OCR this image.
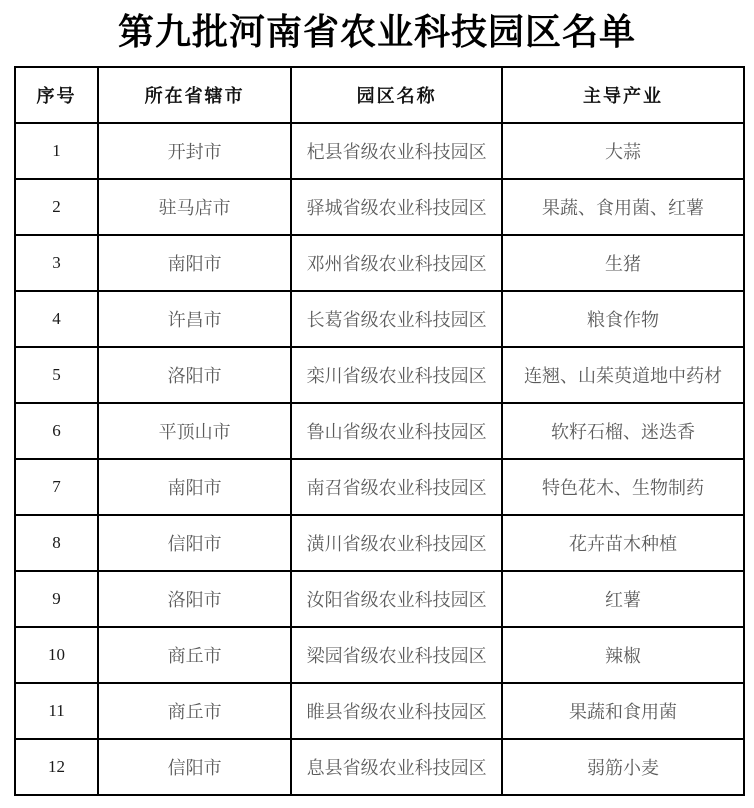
第九批河南省农业科技园区名单
序号	所在省辖市	园区名称	主导产业
1	开封市	杞县省级农业科技园区	大蒜
2	驻马店市	驿城省级农业科技园区	果蔬、食用菌、红薯
3	南阳市	邓州省级农业科技园区	生猪
4	许昌市	长葛省级农业科技园区	粮食作物
5	洛阳市	栾川省级农业科技园区	连翘、山茱萸道地中药材
6	平顶山市	鲁山省级农业科技园区	软籽石榴、迷迭香
7	南阳市	南召省级农业科技园区	特色花木、生物制药
8	信阳市	潢川省级农业科技园区	花卉苗木种植
9	洛阳市	汝阳省级农业科技园区	红薯
10	商丘市	梁园省级农业科技园区	辣椒
11	商丘市	睢县省级农业科技园区	果蔬和食用菌
12	信阳市	息县省级农业科技园区	弱筋小麦
